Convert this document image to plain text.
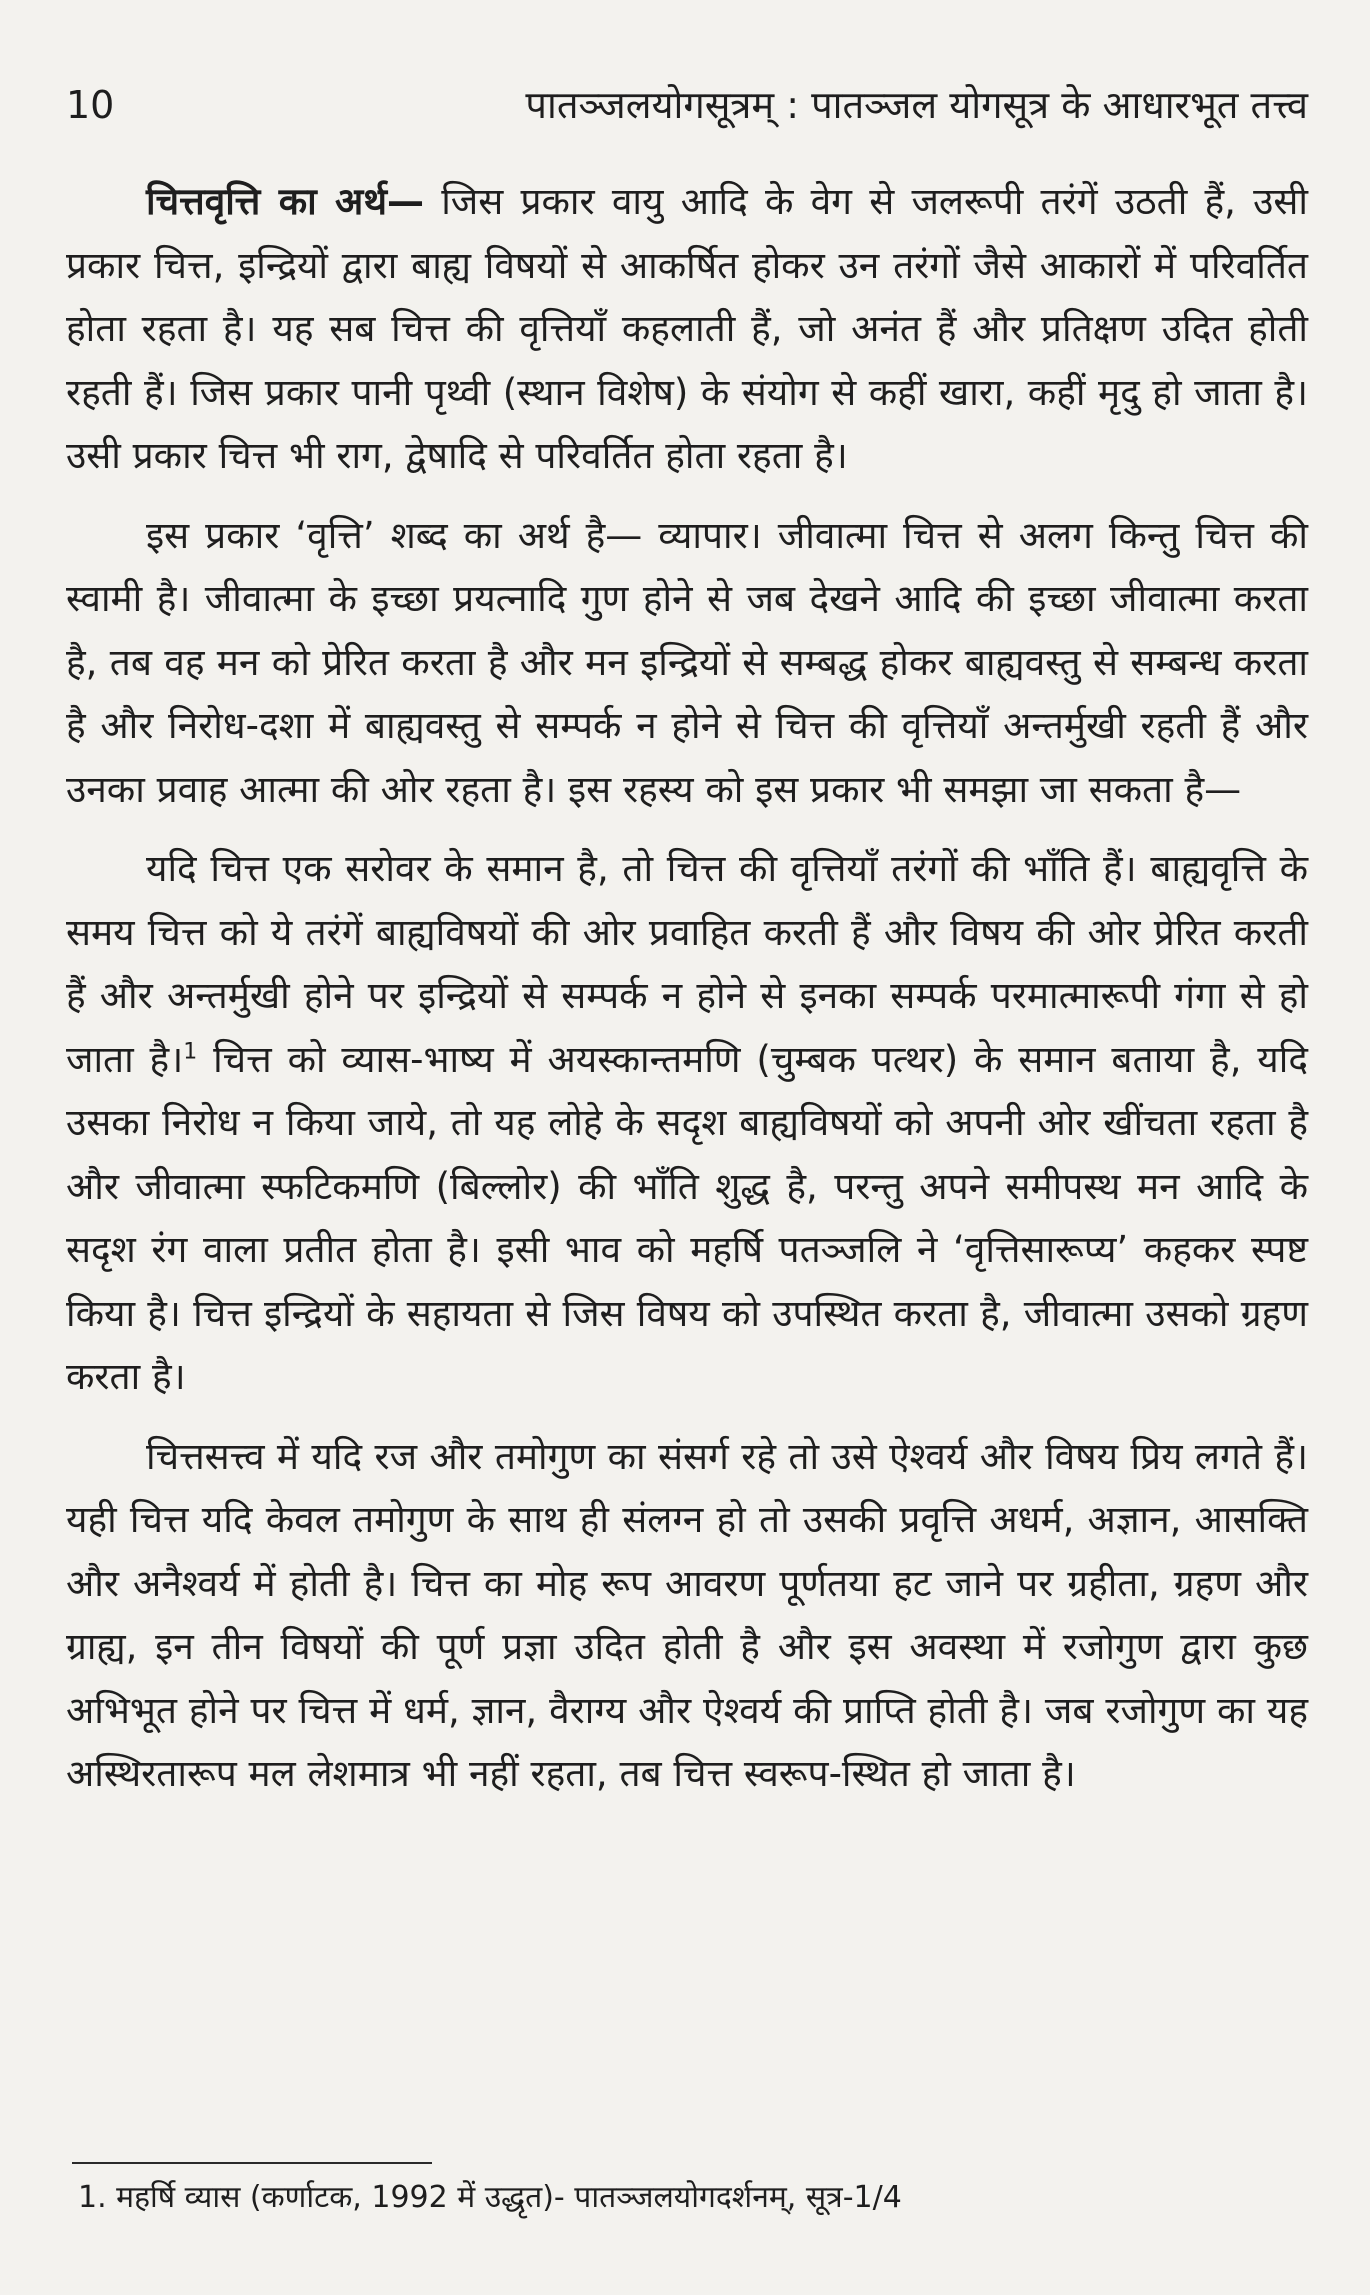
10	पातञ्जलयोगसूत्रम् : पातञ्जल योगसूत्र के आधारभूत तत्त्व

चित्तवृत्ति का अर्थ— जिस प्रकार वायु आदि के वेग से जलरूपी तरंगें उठती हैं, उसी प्रकार चित्त, इन्द्रियों द्वारा बाह्य विषयों से आकर्षित होकर उन तरंगों जैसे आकारों में परिवर्तित होता रहता है। यह सब चित्त की वृत्तियाँ कहलाती हैं, जो अनंत हैं और प्रतिक्षण उदित होती रहती हैं। जिस प्रकार पानी पृथ्वी (स्थान विशेष) के संयोग से कहीं खारा, कहीं मृदु हो जाता है। उसी प्रकार चित्त भी राग, द्वेषादि से परिवर्तित होता रहता है।

इस प्रकार ‘वृत्ति’ शब्द का अर्थ है— व्यापार। जीवात्मा चित्त से अलग किन्तु चित्त की स्वामी है। जीवात्मा के इच्छा प्रयत्नादि गुण होने से जब देखने आदि की इच्छा जीवात्मा करता है, तब वह मन को प्रेरित करता है और मन इन्द्रियों से सम्बद्ध होकर बाह्यवस्तु से सम्बन्ध करता है और निरोध-दशा में बाह्यवस्तु से सम्पर्क न होने से चित्त की वृत्तियाँ अन्तर्मुखी रहती हैं और उनका प्रवाह आत्मा की ओर रहता है। इस रहस्य को इस प्रकार भी समझा जा सकता है—

यदि चित्त एक सरोवर के समान है, तो चित्त की वृत्तियाँ तरंगों की भाँति हैं। बाह्यवृत्ति के समय चित्त को ये तरंगें बाह्यविषयों की ओर प्रवाहित करती हैं और विषय की ओर प्रेरित करती हैं और अन्तर्मुखी होने पर इन्द्रियों से सम्पर्क न होने से इनका सम्पर्क परमात्मारूपी गंगा से हो जाता है।$^1$ चित्त को व्यास-भाष्य में अयस्कान्तमणि (चुम्बक पत्थर) के समान बताया है, यदि उसका निरोध न किया जाये, तो यह लोहे के सदृश बाह्यविषयों को अपनी ओर खींचता रहता है और जीवात्मा स्फटिकमणि (बिल्लोर) की भाँति शुद्ध है, परन्तु अपने समीपस्थ मन आदि के सदृश रंग वाला प्रतीत होता है। इसी भाव को महर्षि पतञ्जलि ने ‘वृत्तिसारूप्य’ कहकर स्पष्ट किया है। चित्त इन्द्रियों के सहायता से जिस विषय को उपस्थित करता है, जीवात्मा उसको ग्रहण करता है।

चित्तसत्त्व में यदि रज और तमोगुण का संसर्ग रहे तो उसे ऐश्वर्य और विषय प्रिय लगते हैं। यही चित्त यदि केवल तमोगुण के साथ ही संलग्न हो तो उसकी प्रवृत्ति अधर्म, अज्ञान, आसक्ति और अनैश्वर्य में होती है। चित्त का मोह रूप आवरण पूर्णतया हट जाने पर ग्रहीता, ग्रहण और ग्राह्य, इन तीन विषयों की पूर्ण प्रज्ञा उदित होती है और इस अवस्था में रजोगुण द्वारा कुछ अभिभूत होने पर चित्त में धर्म, ज्ञान, वैराग्य और ऐश्वर्य की प्राप्ति होती है। जब रजोगुण का यह अस्थिरतारूप मल लेशमात्र भी नहीं रहता, तब चित्त स्वरूप-स्थित हो जाता है।

1. महर्षि व्यास (कर्णाटक, 1992 में उद्धृत)- पातञ्जलयोगदर्शनम्, सूत्र-1/4
